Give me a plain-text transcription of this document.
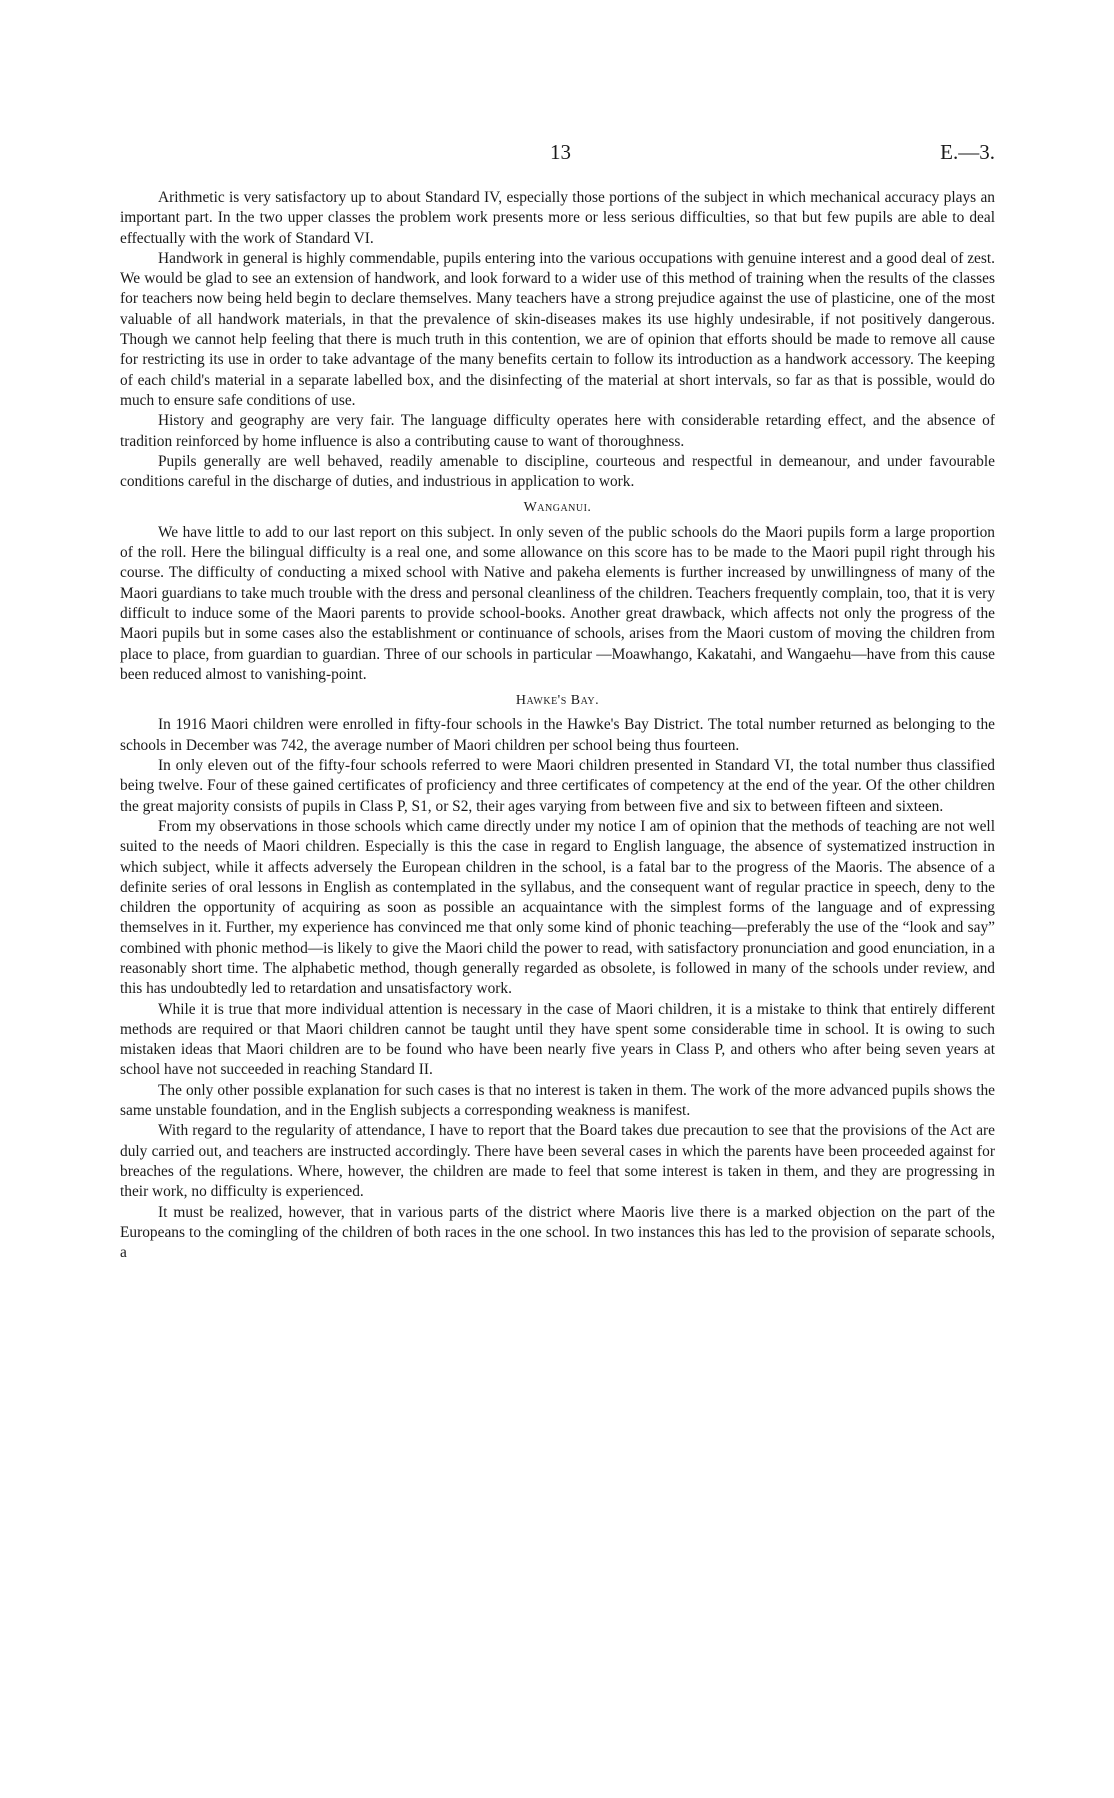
13	E.—3.

Arithmetic is very satisfactory up to about Standard IV, especially those portions of the subject in which mechanical accuracy plays an important part. In the two upper classes the problem work presents more or less serious difficulties, so that but few pupils are able to deal effectually with the work of Standard VI.

Handwork in general is highly commendable, pupils entering into the various occupations with genuine interest and a good deal of zest. We would be glad to see an extension of handwork, and look forward to a wider use of this method of training when the results of the classes for teachers now being held begin to declare themselves. Many teachers have a strong prejudice against the use of plasticine, one of the most valuable of all handwork materials, in that the prevalence of skin-diseases makes its use highly undesirable, if not positively dangerous. Though we cannot help feeling that there is much truth in this contention, we are of opinion that efforts should be made to remove all cause for restricting its use in order to take advantage of the many benefits certain to follow its introduction as a handwork accessory. The keeping of each child's material in a separate labelled box, and the disinfecting of the material at short intervals, so far as that is possible, would do much to ensure safe conditions of use.

History and geography are very fair. The language difficulty operates here with considerable retarding effect, and the absence of tradition reinforced by home influence is also a contributing cause to want of thoroughness.

Pupils generally are well behaved, readily amenable to discipline, courteous and respectful in demeanour, and under favourable conditions careful in the discharge of duties, and industrious in application to work.

Wanganui.

We have little to add to our last report on this subject. In only seven of the public schools do the Maori pupils form a large proportion of the roll. Here the bilingual difficulty is a real one, and some allowance on this score has to be made to the Maori pupil right through his course. The difficulty of conducting a mixed school with Native and pakeha elements is further increased by unwillingness of many of the Maori guardians to take much trouble with the dress and personal cleanliness of the children. Teachers frequently complain, too, that it is very difficult to induce some of the Maori parents to provide school-books. Another great drawback, which affects not only the progress of the Maori pupils but in some cases also the establishment or continuance of schools, arises from the Maori custom of moving the children from place to place, from guardian to guardian. Three of our schools in particular —Moawhango, Kakatahi, and Wangaehu—have from this cause been reduced almost to vanishing-point.

Hawke's Bay.

In 1916 Maori children were enrolled in fifty-four schools in the Hawke's Bay District. The total number returned as belonging to the schools in December was 742, the average number of Maori children per school being thus fourteen.

In only eleven out of the fifty-four schools referred to were Maori children presented in Standard VI, the total number thus classified being twelve. Four of these gained certificates of proficiency and three certificates of competency at the end of the year. Of the other children the great majority consists of pupils in Class P, S1, or S2, their ages varying from between five and six to between fifteen and sixteen.

From my observations in those schools which came directly under my notice I am of opinion that the methods of teaching are not well suited to the needs of Maori children. Especially is this the case in regard to English language, the absence of systematized instruction in which subject, while it affects adversely the European children in the school, is a fatal bar to the progress of the Maoris. The absence of a definite series of oral lessons in English as contemplated in the syllabus, and the consequent want of regular practice in speech, deny to the children the opportunity of acquiring as soon as possible an acquaintance with the simplest forms of the language and of expressing themselves in it. Further, my experience has convinced me that only some kind of phonic teaching—preferably the use of the “look and say” combined with phonic method—is likely to give the Maori child the power to read, with satisfactory pronunciation and good enunciation, in a reasonably short time. The alphabetic method, though generally regarded as obsolete, is followed in many of the schools under review, and this has undoubtedly led to retardation and unsatisfactory work.

While it is true that more individual attention is necessary in the case of Maori children, it is a mistake to think that entirely different methods are required or that Maori children cannot be taught until they have spent some considerable time in school. It is owing to such mistaken ideas that Maori children are to be found who have been nearly five years in Class P, and others who after being seven years at school have not succeeded in reaching Standard II.

The only other possible explanation for such cases is that no interest is taken in them. The work of the more advanced pupils shows the same unstable foundation, and in the English subjects a corresponding weakness is manifest.

With regard to the regularity of attendance, I have to report that the Board takes due precaution to see that the provisions of the Act are duly carried out, and teachers are instructed accordingly. There have been several cases in which the parents have been proceeded against for breaches of the regulations. Where, however, the children are made to feel that some interest is taken in them, and they are progressing in their work, no difficulty is experienced.

It must be realized, however, that in various parts of the district where Maoris live there is a marked objection on the part of the Europeans to the comingling of the children of both races in the one school. In two instances this has led to the provision of separate schools, a
